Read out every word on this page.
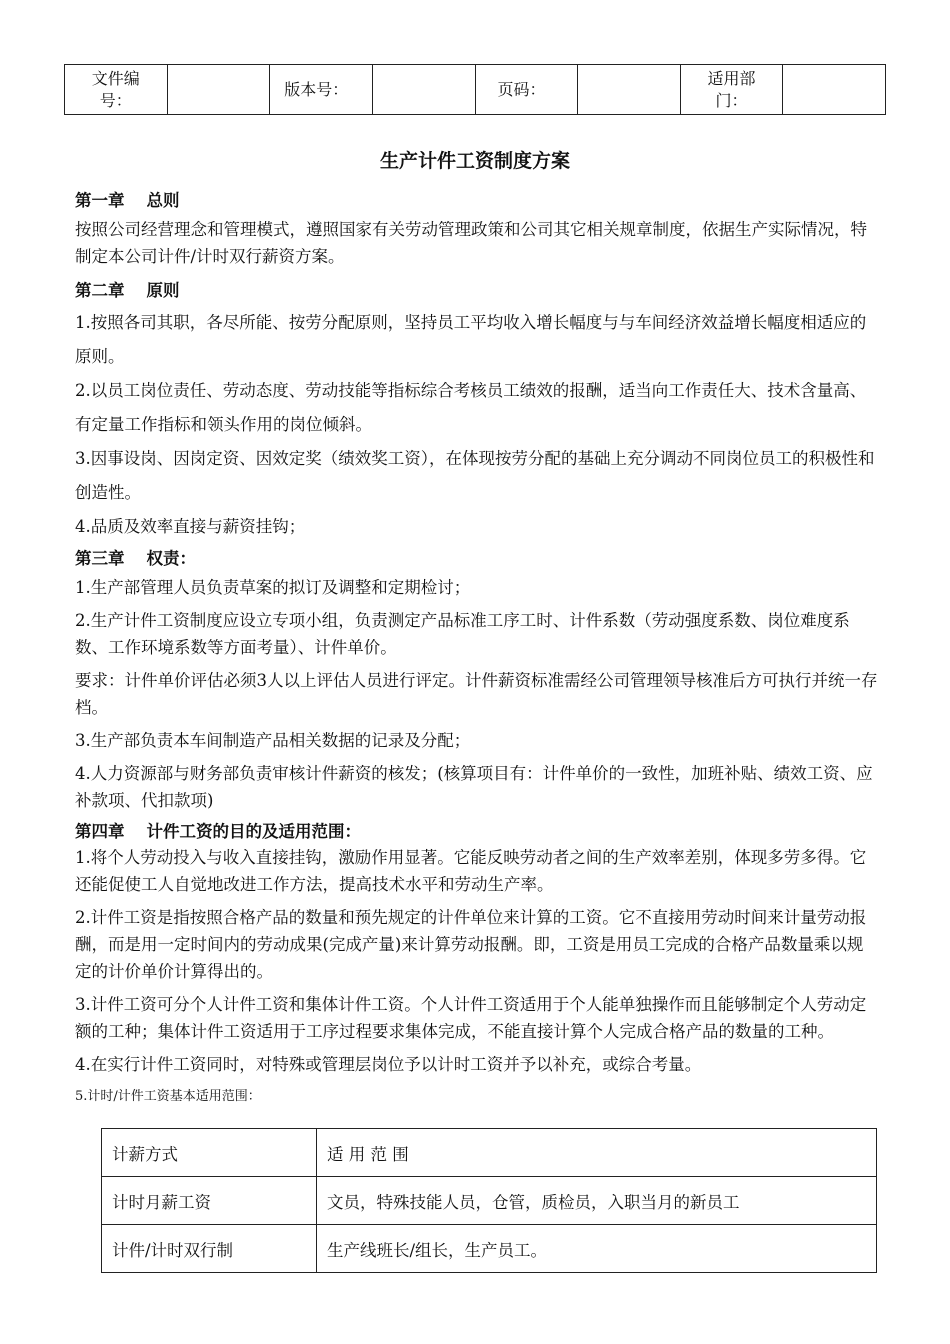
文件编号：		版本号：		页码：		适用部门：	
生产计件工资制度方案
第一章 总则

按照公司经营理念和管理模式，遵照国家有关劳动管理政策和公司其它相关规章制度，依据生产实际情况，特制定本公司计件/计时双行薪资方案。

第二章 原则

1.按照各司其职，各尽所能、按劳分配原则，坚持员工平均收入增长幅度与与车间经济效益增长幅度相适应的原则。

2.以员工岗位责任、劳动态度、劳动技能等指标综合考核员工绩效的报酬，适当向工作责任大、技术含量高、有定量工作指标和领头作用的岗位倾斜。

3.因事设岗、因岗定资、因效定奖（绩效奖工资），在体现按劳分配的基础上充分调动不同岗位员工的积极性和创造性。

4.品质及效率直接与薪资挂钩；

第三章 权责：

1.生产部管理人员负责草案的拟订及调整和定期检讨；

2.生产计件工资制度应设立专项小组，负责测定产品标准工序工时、计件系数（劳动强度系数、岗位难度系数、工作环境系数等方面考量）、计件单价。

要求：计件单价评估必须3人以上评估人员进行评定。计件薪资标准需经公司管理领导核准后方可执行并统一存档。

3.生产部负责本车间制造产品相关数据的记录及分配；

4.人力资源部与财务部负责审核计件薪资的核发；(核算项目有：计件单价的一致性，加班补贴、绩效工资、应补款项、代扣款项)

第四章 计件工资的目的及适用范围：

1.将个人劳动投入与收入直接挂钩，激励作用显著。它能反映劳动者之间的生产效率差别，体现多劳多得。它还能促使工人自觉地改进工作方法，提高技术水平和劳动生产率。

2.计件工资是指按照合格产品的数量和预先规定的计件单位来计算的工资。它不直接用劳动时间来计量劳动报酬，而是用一定时间内的劳动成果(完成产量)来计算劳动报酬。即，工资是用员工完成的合格产品数量乘以规定的计价单价计算得出的。

3.计件工资可分个人计件工资和集体计件工资。个人计件工资适用于个人能单独操作而且能够制定个人劳动定额的工种；集体计件工资适用于工序过程要求集体完成，不能直接计算个人完成合格产品的数量的工种。

4.在实行计件工资同时，对特殊或管理层岗位予以计时工资并予以补充，或综合考量。

5.计时/计件工资基本适用范围：

计薪方式	适 用 范 围
计时月薪工资	文员，特殊技能人员，仓管，质检员，入职当月的新员工
计件/计时双行制	生产线班长/组长，生产员工。
